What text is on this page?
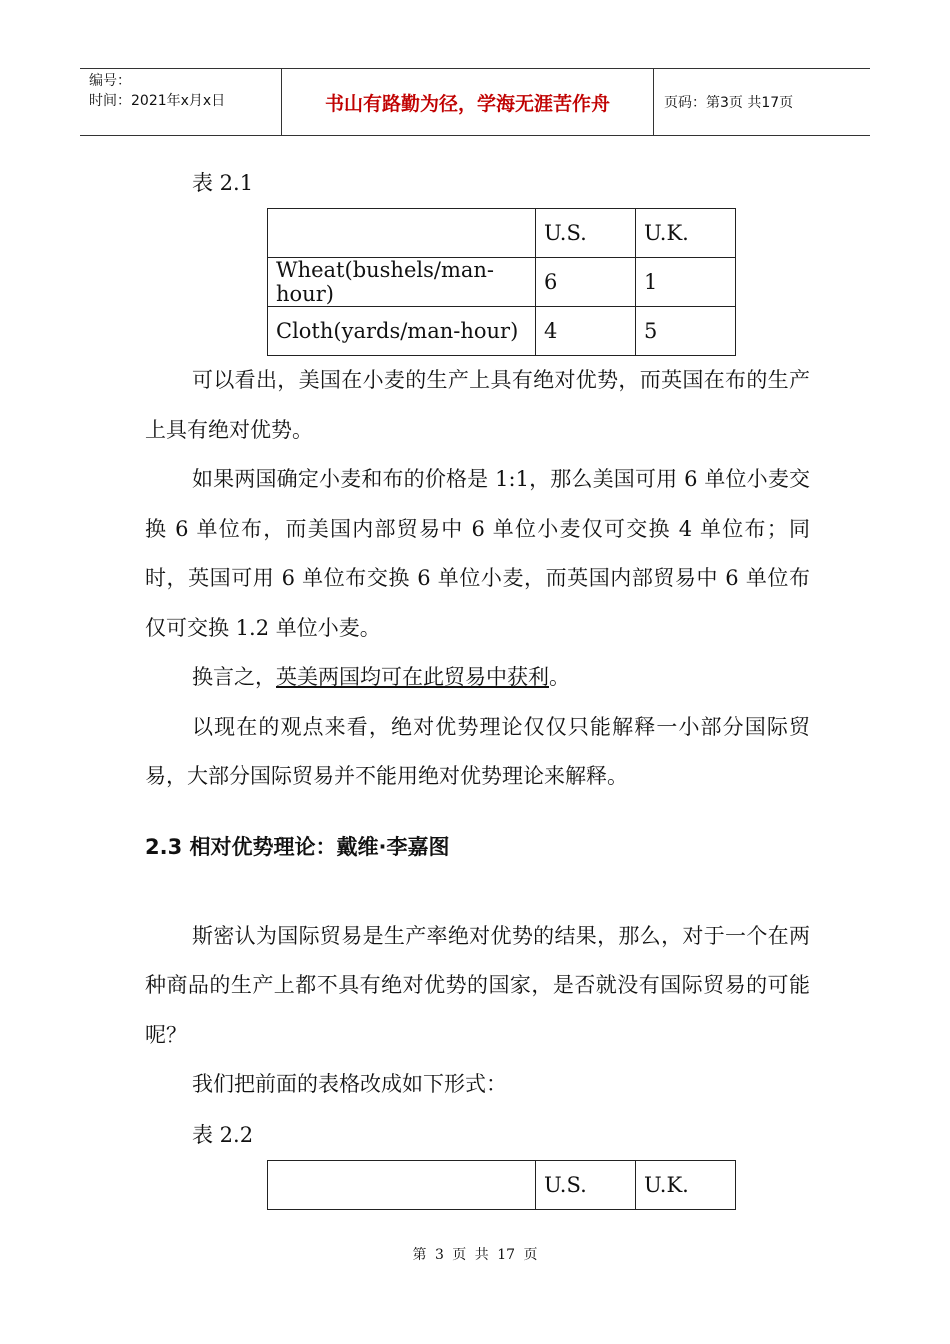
编号：
时间：2021年x月x日	书山有路勤为径，学海无涯苦作舟	页码：第3页 共17页
表 2.1
	U.S.	U.K.
Wheat(bushels/man-hour)	6	1
Cloth(yards/man-hour)	4	5

可以看出，美国在小麦的生产上具有绝对优势，而英国在布的生产上具有绝对优势。

如果两国确定小麦和布的价格是 1:1，那么美国可用 6 单位小麦交换 6 单位布，而美国内部贸易中 6 单位小麦仅可交换 4 单位布；同时，英国可用 6 单位布交换 6 单位小麦，而英国内部贸易中 6 单位布仅可交换 1.2 单位小麦。

换言之，英美两国均可在此贸易中获利。

以现在的观点来看，绝对优势理论仅仅只能解释一小部分国际贸易，大部分国际贸易并不能用绝对优势理论来解释。

2.3 相对优势理论：戴维·李嘉图

斯密认为国际贸易是生产率绝对优势的结果，那么，对于一个在两种商品的生产上都不具有绝对优势的国家，是否就没有国际贸易的可能呢？

我们把前面的表格改成如下形式：

表 2.2
	U.S.	U.K.
第 3 页 共 17 页
